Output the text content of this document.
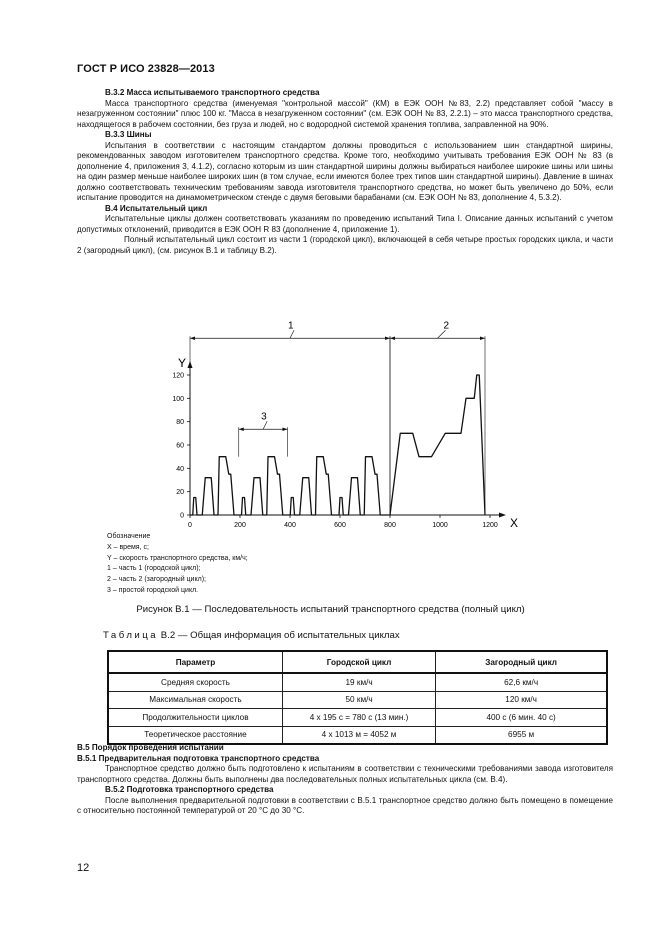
ГОСТ Р ИСО 23828—2013

В.3.2 Масса испытываемого транспортного средства

Масса транспортного средства (именуемая "контрольной массой" (КМ) в ЕЭК ООН №83, 2.2) представляет собой "массу в незагруженном состоянии" плюс 100 кг. "Масса в незагруженном состоянии" (см. ЕЭК ООН № 83, 2.2.1) – это масса транспортного средства, находящегося в рабочем состоянии, без груза и людей, но с водородной системой хранения топлива, заправленной на 90%.

В.3.3 Шины

Испытания в соответствии с настоящим стандартом должны проводиться с использованием шин стандартной ширины, рекомендованных заводом изготовителем транспортного средства. Кроме того, необходимо учитывать требования ЕЭК ООН № 83 (в дополнение 4, приложения 3, 4.1.2), согласно которым из шин стандартной ширины должны выбираться наиболее широкие шины или шины на один размер меньше наиболее широких шин (в том случае, если имеются более трех типов шин стандартной ширины). Давление в шинах должно соответствовать техническим требованиям завода изготовителя транспортного средства, но может быть увеличено до 50%, если испытание проводится на динамометрическом стенде с двумя беговыми барабанами (см. ЕЭК ООН № 83, дополнение 4, 5.3.2).

В.4 Испытательный цикл

Испытательные циклы должен соответствовать указаниям по проведению испытаний Типа I. Описание данных испытаний с учетом допустимых отклонений, приводится в ЕЭК ООН R 83 (дополнение 4, приложение 1).

Полный испытательный цикл состоит из части 1 (городской цикл), включающей в себя четыре простых городских цикла, и части 2 (загородный цикл), (см. рисунок В.1 и таблицу В.2).

X
Y
0	200	400	600	800	1000	1200
0
20
40
60
80
100
120
1	2
3
Обозначение
X – время, с;
Y – скорость транспортного средства, км/ч;
1 – часть 1 (городской цикл);
2 – часть 2 (загородный цикл);
3 – простой городской цикл.
Рисунок В.1 — Последовательность испытаний транспортного средства (полный цикл)
Таблица В.2 — Общая информация об испытательных циклах
Параметр	Городской цикл	Загородный цикл
Средняя скорость	19 км/ч	62,6 км/ч
Максимальная скорость	50 км/ч	120 км/ч
Продолжительности циклов	4 х 195 с = 780 с (13 мин.)	400 с (6 мин. 40 с)
Теоретическое расстояние	4 х 1013 м = 4052 м	6955 м

В.5 Порядок проведения испытаний

В.5.1 Предварительная подготовка транспортного средства

Транспортное средство должно быть подготовлено к испытаниям в соответствии с техническими требованиями завода изготовителя транспортного средства. Должны быть выполнены два последовательных полных испытательных цикла (см. В.4).

В.5.2 Подготовка транспортного средства

После выполнения предварительной подготовки в соответствии с В.5.1 транспортное средство должно быть помещено в помещение с относительно постоянной температурой от 20 °С до 30 °С.

12
